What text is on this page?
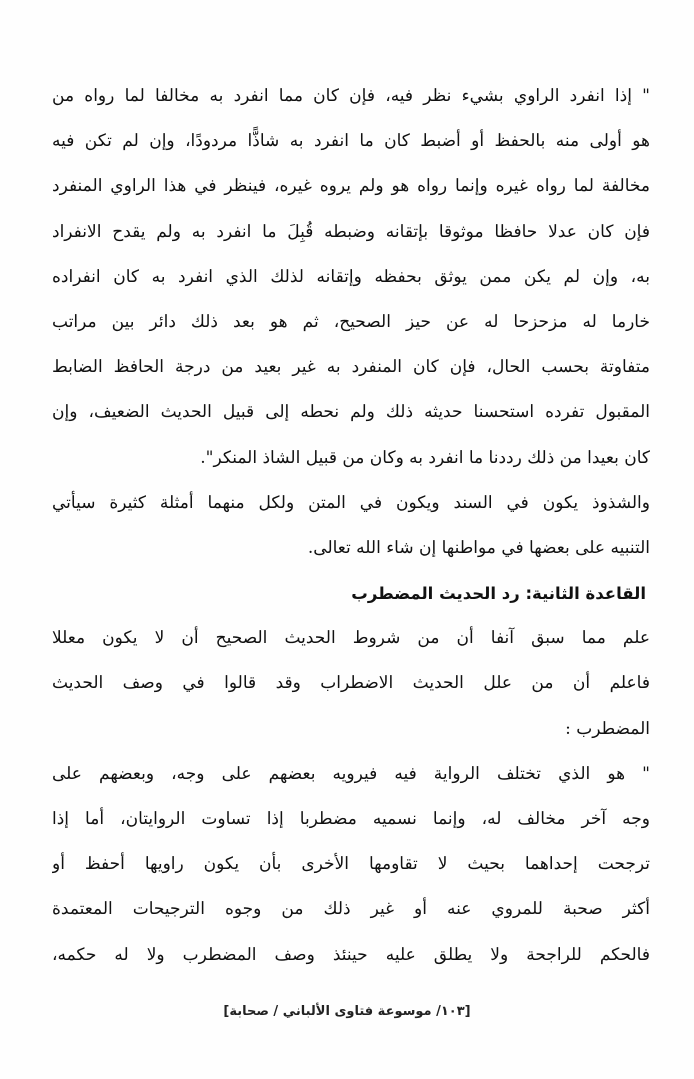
" إذا انفرد الراوي بشيء نظر فيه، فإن كان مما انفرد به مخالفا لما رواه من
هو أولى منه بالحفظ أو أضبط كان ما انفرد به شاذًّا مردودًا، وإن لم تكن فيه
مخالفة لما رواه غيره وإنما رواه هو ولم يروه غيره، فينظر في هذا الراوي المنفرد
فإن كان عدلا حافظا موثوقا بإتقانه وضبطه قُبِلَ ما انفرد به ولم يقدح الانفراد
به، وإن لم يكن ممن يوثق بحفظه وإتقانه لذلك الذي انفرد به كان انفراده
خارما له مزحزحا له عن حيز الصحيح، ثم هو بعد ذلك دائر بين مراتب
متفاوتة بحسب الحال، فإن كان المنفرد به غير بعيد من درجة الحافظ الضابط
المقبول تفرده استحسنا حديثه ذلك ولم نحطه إلى قبيل الحديث الضعيف، وإن
كان بعيدا من ذلك رددنا ما انفرد به وكان من قبيل الشاذ المنكر".
والشذوذ يكون في السند ويكون في المتن ولكل منهما أمثلة كثيرة سيأتي
التنبيه على بعضها في مواطنها إن شاء الله تعالى.
القاعدة الثانية: رد الحديث المضطرب
علم مما سبق آنفا أن من شروط الحديث الصحيح أن لا يكون معللا
فاعلم أن من علل الحديث الاضطراب وقد قالوا في وصف الحديث
المضطرب :
" هو الذي تختلف الرواية فيه فيرويه بعضهم على وجه، وبعضهم على
وجه آخر مخالف له، وإنما نسميه مضطربا إذا تساوت الروايتان، أما إذا
ترجحت إحداهما بحيث لا تقاومها الأخرى بأن يكون راويها أحفظ أو
أكثر صحبة للمروي عنه أو غير ذلك من وجوه الترجيحات المعتمدة
فالحكم للراجحة ولا يطلق عليه حينئذ وصف المضطرب ولا له حكمه،
[١٠٣/ موسوعة فتاوى الألباني / صحابة]
